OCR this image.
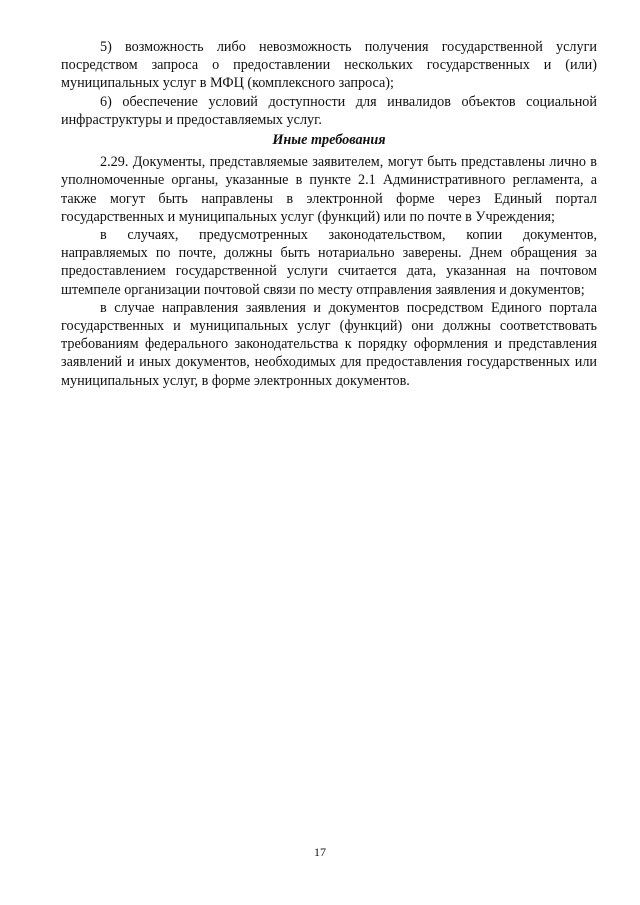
5) возможность либо невозможность получения государственной услуги посредством запроса о предоставлении нескольких государственных и (или) муниципальных услуг в МФЦ (комплексного запроса);

6) обеспечение условий доступности для инвалидов объектов социальной инфраструктуры и предоставляемых услуг.

Иные требования

2.29. Документы, представляемые заявителем, могут быть представлены лично в уполномоченные органы, указанные в пункте 2.1 Административного регламента, а также могут быть направлены в электронной форме через Единый портал государственных и муниципальных услуг (функций) или по почте в Учреждения;

в случаях, предусмотренных законодательством, копии документов, направляемых по почте, должны быть нотариально заверены. Днем обращения за предоставлением государственной услуги считается дата, указанная на почтовом штемпеле организации почтовой связи по месту отправления заявления и документов;

в случае направления заявления и документов посредством Единого портала государственных и муниципальных услуг (функций) они должны соответствовать требованиям федерального законодательства к порядку оформления и представления заявлений и иных документов, необходимых для предоставления государственных или муниципальных услуг, в форме электронных документов.

17
